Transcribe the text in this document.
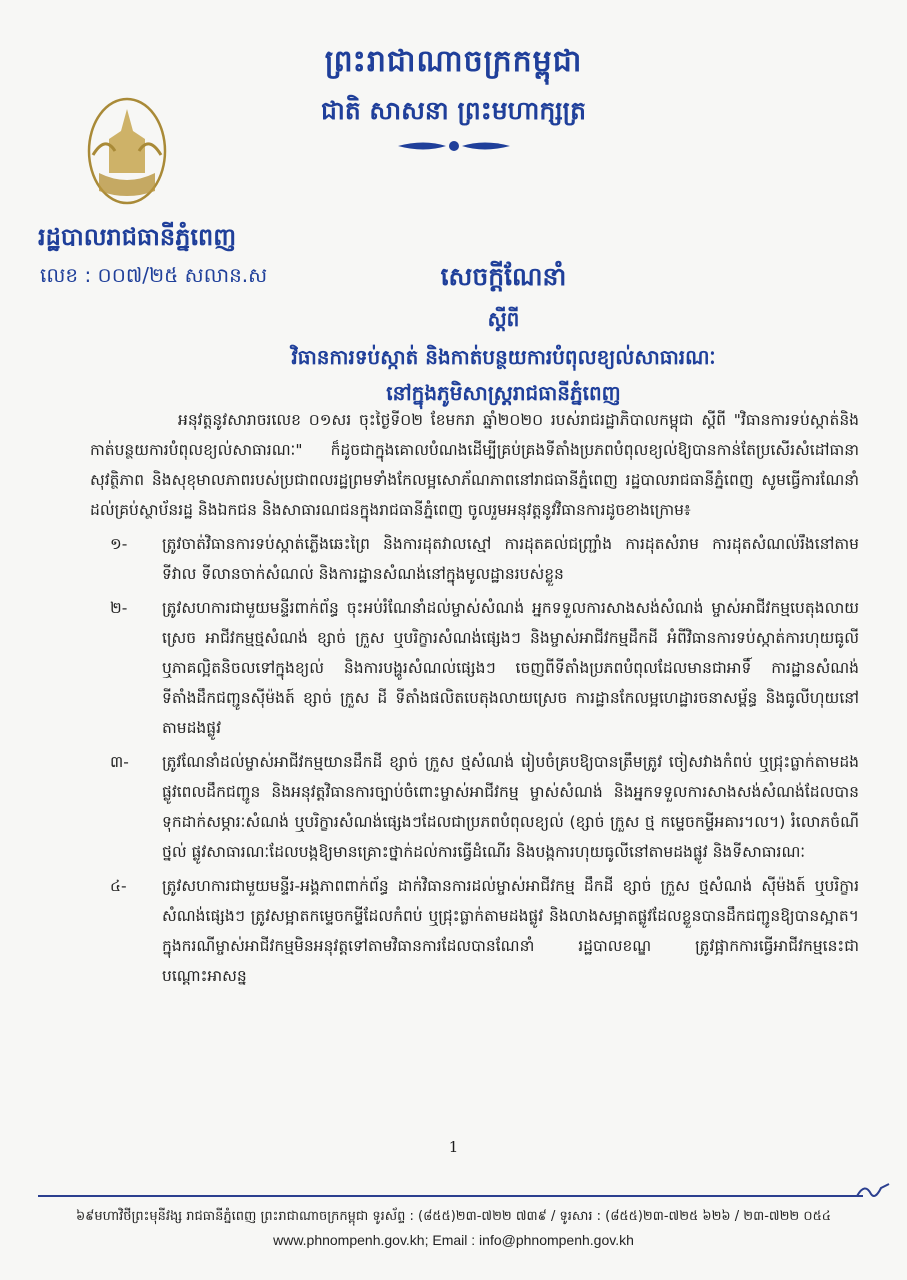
ព្រះរាជាណាចក្រកម្ពុជា
ជាតិ សាសនា ព្រះមហាក្សត្រ
រដ្ឋបាលរាជធានីភ្នំពេញ
លេខ : ០០៧/២៥ សលាន.ស	សេចក្តីណែនាំ
ស្តីពី
វិធានការទប់ស្កាត់ និងកាត់បន្ថយការបំពុលខ្យល់សាធារណៈ
នៅក្នុងភូមិសាស្ត្ររាជធានីភ្នំពេញ

អនុវត្តនូវសារាចរលេខ ០១សរ ចុះថ្ងៃទី០២ ខែមករា ឆ្នាំ២០២០ របស់រាជរដ្ឋាភិបាលកម្ពុជា ស្តីពី "វិធានការទប់ស្កាត់និងកាត់បន្ថយការបំពុលខ្យល់សាធារណៈ" ក៏ដូចជាក្នុងគោលបំណងដើម្បីគ្រប់គ្រងទីតាំងប្រភពបំពុលខ្យល់ឱ្យបានកាន់តែប្រសើរសំដៅធានាសុវត្ថិភាព និងសុខុមាលភាពរបស់ប្រជាពលរដ្ឋព្រមទាំងកែលម្អសោភ័ណភាពនៅរាជធានីភ្នំពេញ រដ្ឋបាលរាជធានីភ្នំពេញ សូមធ្វើការណែនាំដល់គ្រប់ស្ថាប័នរដ្ឋ និងឯកជន និងសាធារណជនក្នុងរាជធានីភ្នំពេញ ចូលរួមអនុវត្តនូវវិធានការដូចខាងក្រោម៖

១-	ត្រូវចាត់វិធានការទប់ស្កាត់ភ្លើងឆេះព្រៃ និងការដុតវាលស្មៅ ការដុតគល់ជញ្ជ្រាំង ការដុតសំរាម ការដុតសំណល់រឹងនៅតាមទីវាល ទីលានចាក់សំណល់ និងការដ្ឋានសំណង់នៅក្នុងមូលដ្ឋានរបស់ខ្លួន
២-	ត្រូវសហការជាមួយមន្ទីរពាក់ព័ន្ធ ចុះអប់រំណែនាំដល់ម្ចាស់សំណង់ អ្នកទទួលការសាងសង់សំណង់ ម្ចាស់អាជីវកម្មបេតុងលាយស្រេច អាជីវកម្មថ្មសំណង់ ខ្សាច់ ក្រួស ឬបរិក្ខារសំណង់ផ្សេងៗ និងម្ចាស់អាជីវកម្មដឹកដី អំពីវិធានការទប់ស្កាត់ការហុយធូលី ឬភាគល្អិតនិចលទៅក្នុងខ្យល់ និងការបង្ហូរសំណល់ផ្សេងៗ ចេញពីទីតាំងប្រភពបំពុលដែលមានជាអាទិ៍ ការដ្ឋានសំណង់ ទីតាំងដឹកជញ្ជូនស៊ីម៉ងត៍ ខ្សាច់ ក្រួស ដី ទីតាំងផលិតបេតុងលាយស្រេច ការដ្ឋានកែលម្អហេដ្ឋារចនាសម្ព័ន្ធ និងធូលីហុយនៅតាមដងផ្លូវ
៣-	ត្រូវណែនាំដល់ម្ចាស់អាជីវកម្មយានដឹកដី ខ្សាច់ ក្រួស ថ្មសំណង់ រៀបចំគ្របឱ្យបានត្រឹមត្រូវ ចៀសវាងកំពប់ ឬជ្រុះធ្លាក់តាមដងផ្លូវពេលដឹកជញ្ជូន និងអនុវត្តវិធានការច្បាប់ចំពោះម្ចាស់អាជីវកម្ម ម្ចាស់សំណង់ និងអ្នកទទួលការសាងសង់សំណង់ដែលបានទុកដាក់សម្ភារៈសំណង់ ឬបរិក្ខារសំណង់ផ្សេងៗដែលជាប្រភពបំពុលខ្យល់ (ខ្សាច់ ក្រួស ថ្ម កម្ទេចកម្ទីអគារ។ល។) រំលោភចំណីថ្នល់ ផ្លូវសាធារណៈដែលបង្កឱ្យមានគ្រោះថ្នាក់ដល់ការធ្វើដំណើរ និងបង្កការហុយធូលីនៅតាមដងផ្លូវ និងទីសាធារណៈ
៤-	ត្រូវសហការជាមួយមន្ទីរ-អង្គភាពពាក់ព័ន្ធ ដាក់វិធានការដល់ម្ចាស់អាជីវកម្ម ដឹកដី ខ្សាច់ ក្រួស ថ្មសំណង់ ស៊ីម៉ងត៍ ឬបរិក្ខារសំណង់ផ្សេងៗ ត្រូវសម្អាតកម្ទេចកម្ទីដែលកំពប់ ឬជ្រុះធ្លាក់តាមដងផ្លូវ និងលាងសម្អាតផ្លូវដែលខ្លួនបានដឹកជញ្ជូនឱ្យបានស្អាត។ ក្នុងករណីម្ចាស់អាជីវកម្មមិនអនុវត្តទៅតាមវិធានការដែលបានណែនាំ រដ្ឋបាលខណ្ឌ ត្រូវផ្អាកការធ្វើអាជីវកម្មនេះជាបណ្ដោះអាសន្ន
1
៦៩មហាវិថីព្រះមុនីវង្ស រាជធានីភ្នំពេញ ព្រះរាជាណាចក្រកម្ពុជា ទូរស័ព្ទ : (៨៥៥)២៣-៧២២ ៧៣៩ / ទូរសារ : (៨៥៥)២៣-៧២៥ ៦២៦ / ២៣-៧២២ ០៥៤
www.phnompenh.gov.kh; Email : info@phnompenh.gov.kh
